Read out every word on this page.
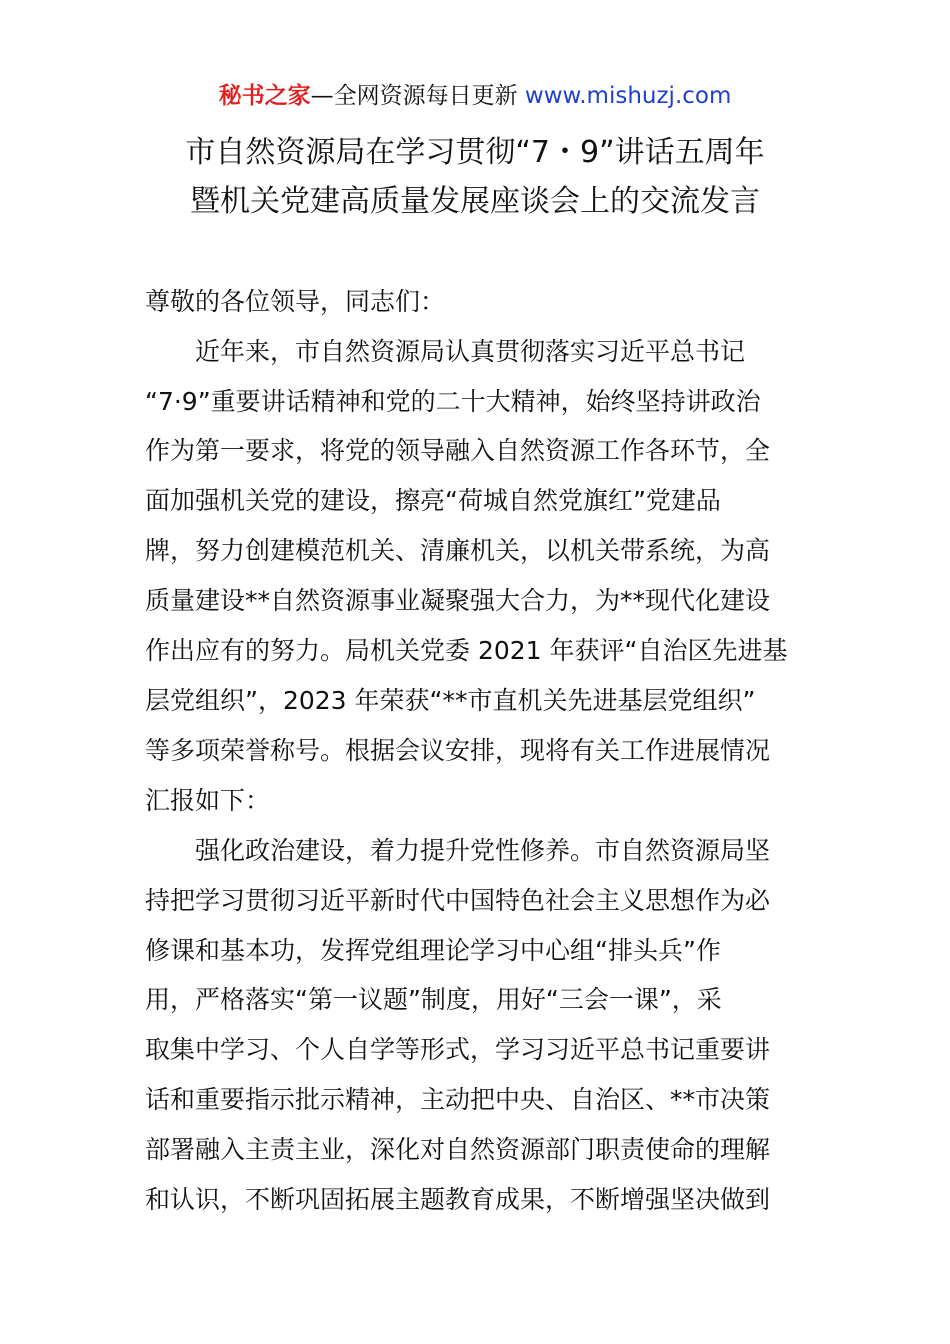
秘书之家—全网资源每日更新 www.mishuzj.com
市自然资源局在学习贯彻“7・9”讲话五周年
暨机关党建高质量发展座谈会上的交流发言
尊敬的各位领导，同志们：
近年来，市自然资源局认真贯彻落实习近平总书记
“7·9”重要讲话精神和党的二十大精神，始终坚持讲政治
作为第一要求，将党的领导融入自然资源工作各环节，全
面加强机关党的建设，擦亮“荷城自然党旗红”党建品
牌，努力创建模范机关、清廉机关，以机关带系统，为高
质量建设**自然资源事业凝聚强大合力，为**现代化建设
作出应有的努力。局机关党委 2021 年获评“自治区先进基
层党组织”，2023 年荣获“**市直机关先进基层党组织”
等多项荣誉称号。根据会议安排，现将有关工作进展情况
汇报如下：
强化政治建设，着力提升党性修养。市自然资源局坚
持把学习贯彻习近平新时代中国特色社会主义思想作为必
修课和基本功，发挥党组理论学习中心组“排头兵”作
用，严格落实“第一议题”制度，用好“三会一课”，采
取集中学习、个人自学等形式，学习习近平总书记重要讲
话和重要指示批示精神，主动把中央、自治区、**市决策
部署融入主责主业，深化对自然资源部门职责使命的理解
和认识，不断巩固拓展主题教育成果，不断增强坚决做到
